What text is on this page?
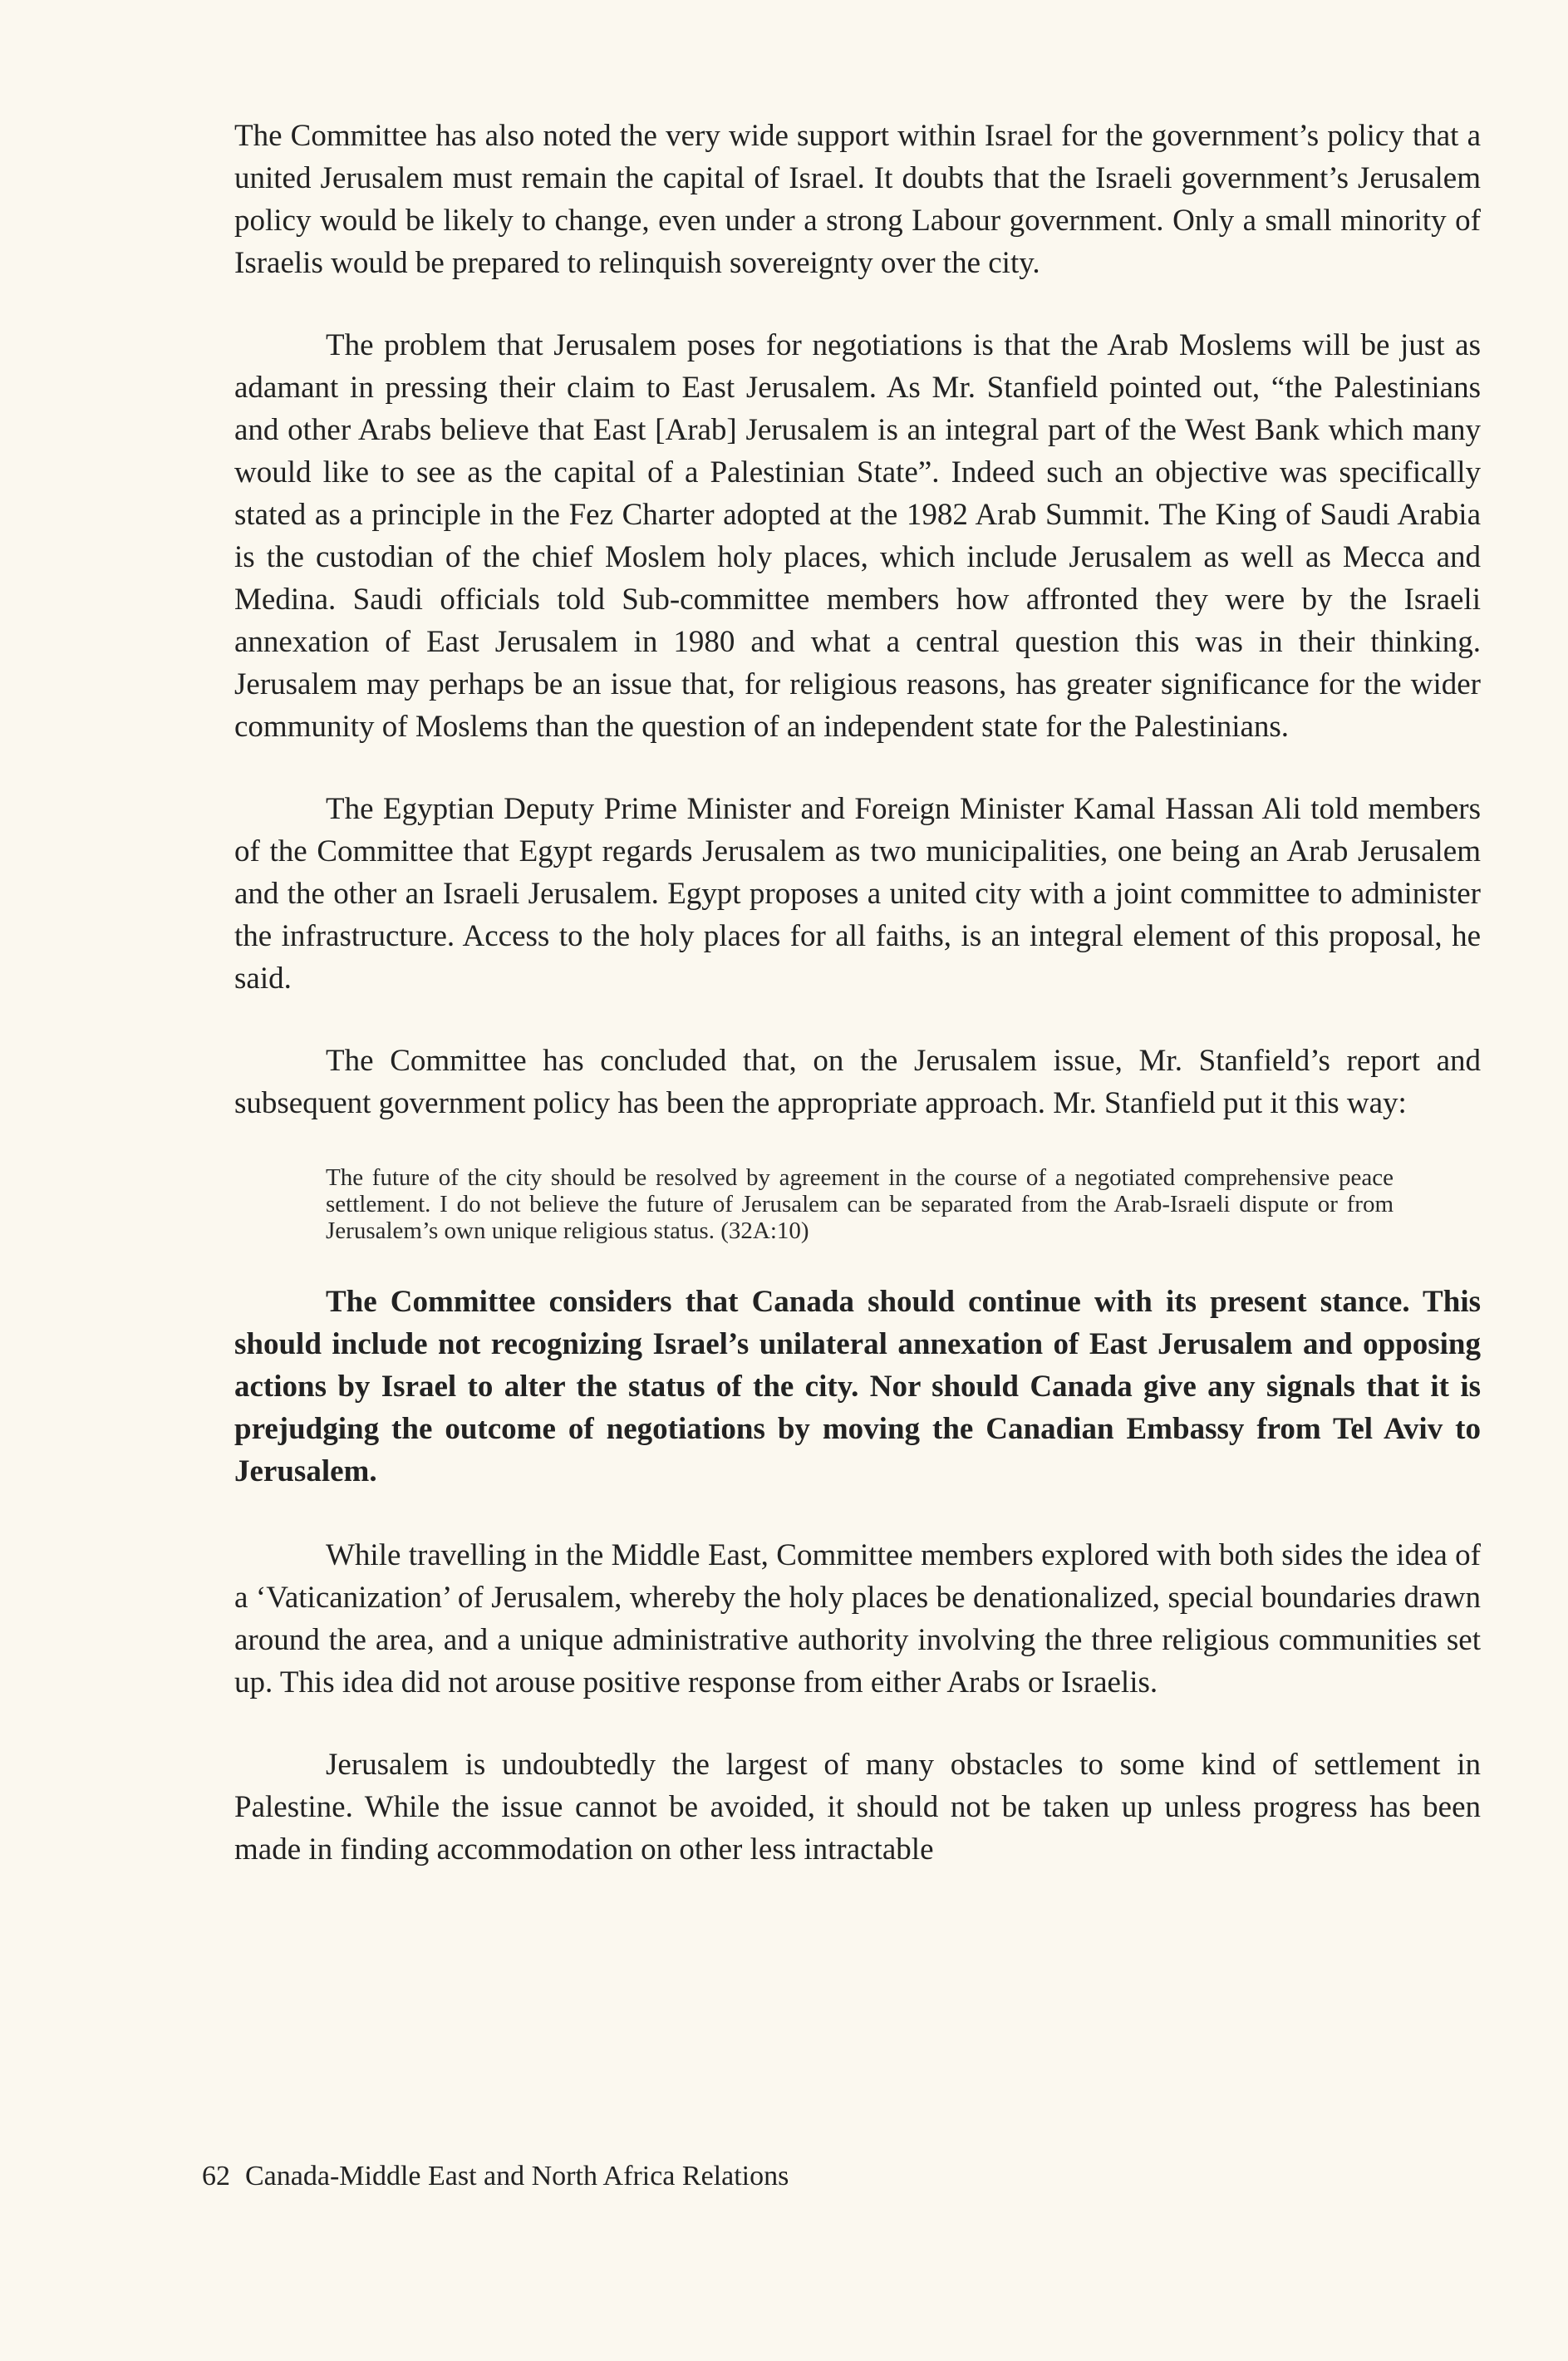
The Committee has also noted the very wide support within Israel for the government’s policy that a united Jerusalem must remain the capital of Israel. It doubts that the Israeli government’s Jerusalem policy would be likely to change, even under a strong Labour government. Only a small minority of Israelis would be prepared to relinquish sovereignty over the city.

The problem that Jerusalem poses for negotiations is that the Arab Moslems will be just as adamant in pressing their claim to East Jerusalem. As Mr. Stanfield pointed out, “the Palestinians and other Arabs believe that East [Arab] Jerusalem is an integral part of the West Bank which many would like to see as the capital of a Palestinian State”. Indeed such an objective was specifically stated as a principle in the Fez Charter adopted at the 1982 Arab Summit. The King of Saudi Arabia is the custodian of the chief Moslem holy places, which include Jerusalem as well as Mecca and Medina. Saudi officials told Sub-committee members how affronted they were by the Israeli annexation of East Jerusalem in 1980 and what a central question this was in their thinking. Jerusalem may perhaps be an issue that, for religious reasons, has greater significance for the wider community of Moslems than the question of an independent state for the Palestinians.

The Egyptian Deputy Prime Minister and Foreign Minister Kamal Hassan Ali told members of the Committee that Egypt regards Jerusalem as two municipalities, one being an Arab Jerusalem and the other an Israeli Jerusalem. Egypt proposes a united city with a joint committee to administer the infrastructure. Access to the holy places for all faiths, is an integral element of this proposal, he said.

The Committee has concluded that, on the Jerusalem issue, Mr. Stanfield’s report and subsequent government policy has been the appropriate approach. Mr. Stanfield put it this way:

The future of the city should be resolved by agreement in the course of a negotiated comprehensive peace settlement. I do not believe the future of Jerusalem can be separated from the Arab-Israeli dispute or from Jerusalem’s own unique religious status. (32A:10)

The Committee considers that Canada should continue with its present stance. This should include not recognizing Israel’s unilateral annexation of East Jerusalem and opposing actions by Israel to alter the status of the city. Nor should Canada give any signals that it is prejudging the outcome of negotiations by moving the Canadian Embassy from Tel Aviv to Jerusalem.

While travelling in the Middle East, Committee members explored with both sides the idea of a ‘Vaticanization’ of Jerusalem, whereby the holy places be denationalized, special boundaries drawn around the area, and a unique administrative authority involving the three religious communities set up. This idea did not arouse positive response from either Arabs or Israelis.

Jerusalem is undoubtedly the largest of many obstacles to some kind of settlement in Palestine. While the issue cannot be avoided, it should not be taken up unless progress has been made in finding accommodation on other less intractable

62 Canada-Middle East and North Africa Relations
